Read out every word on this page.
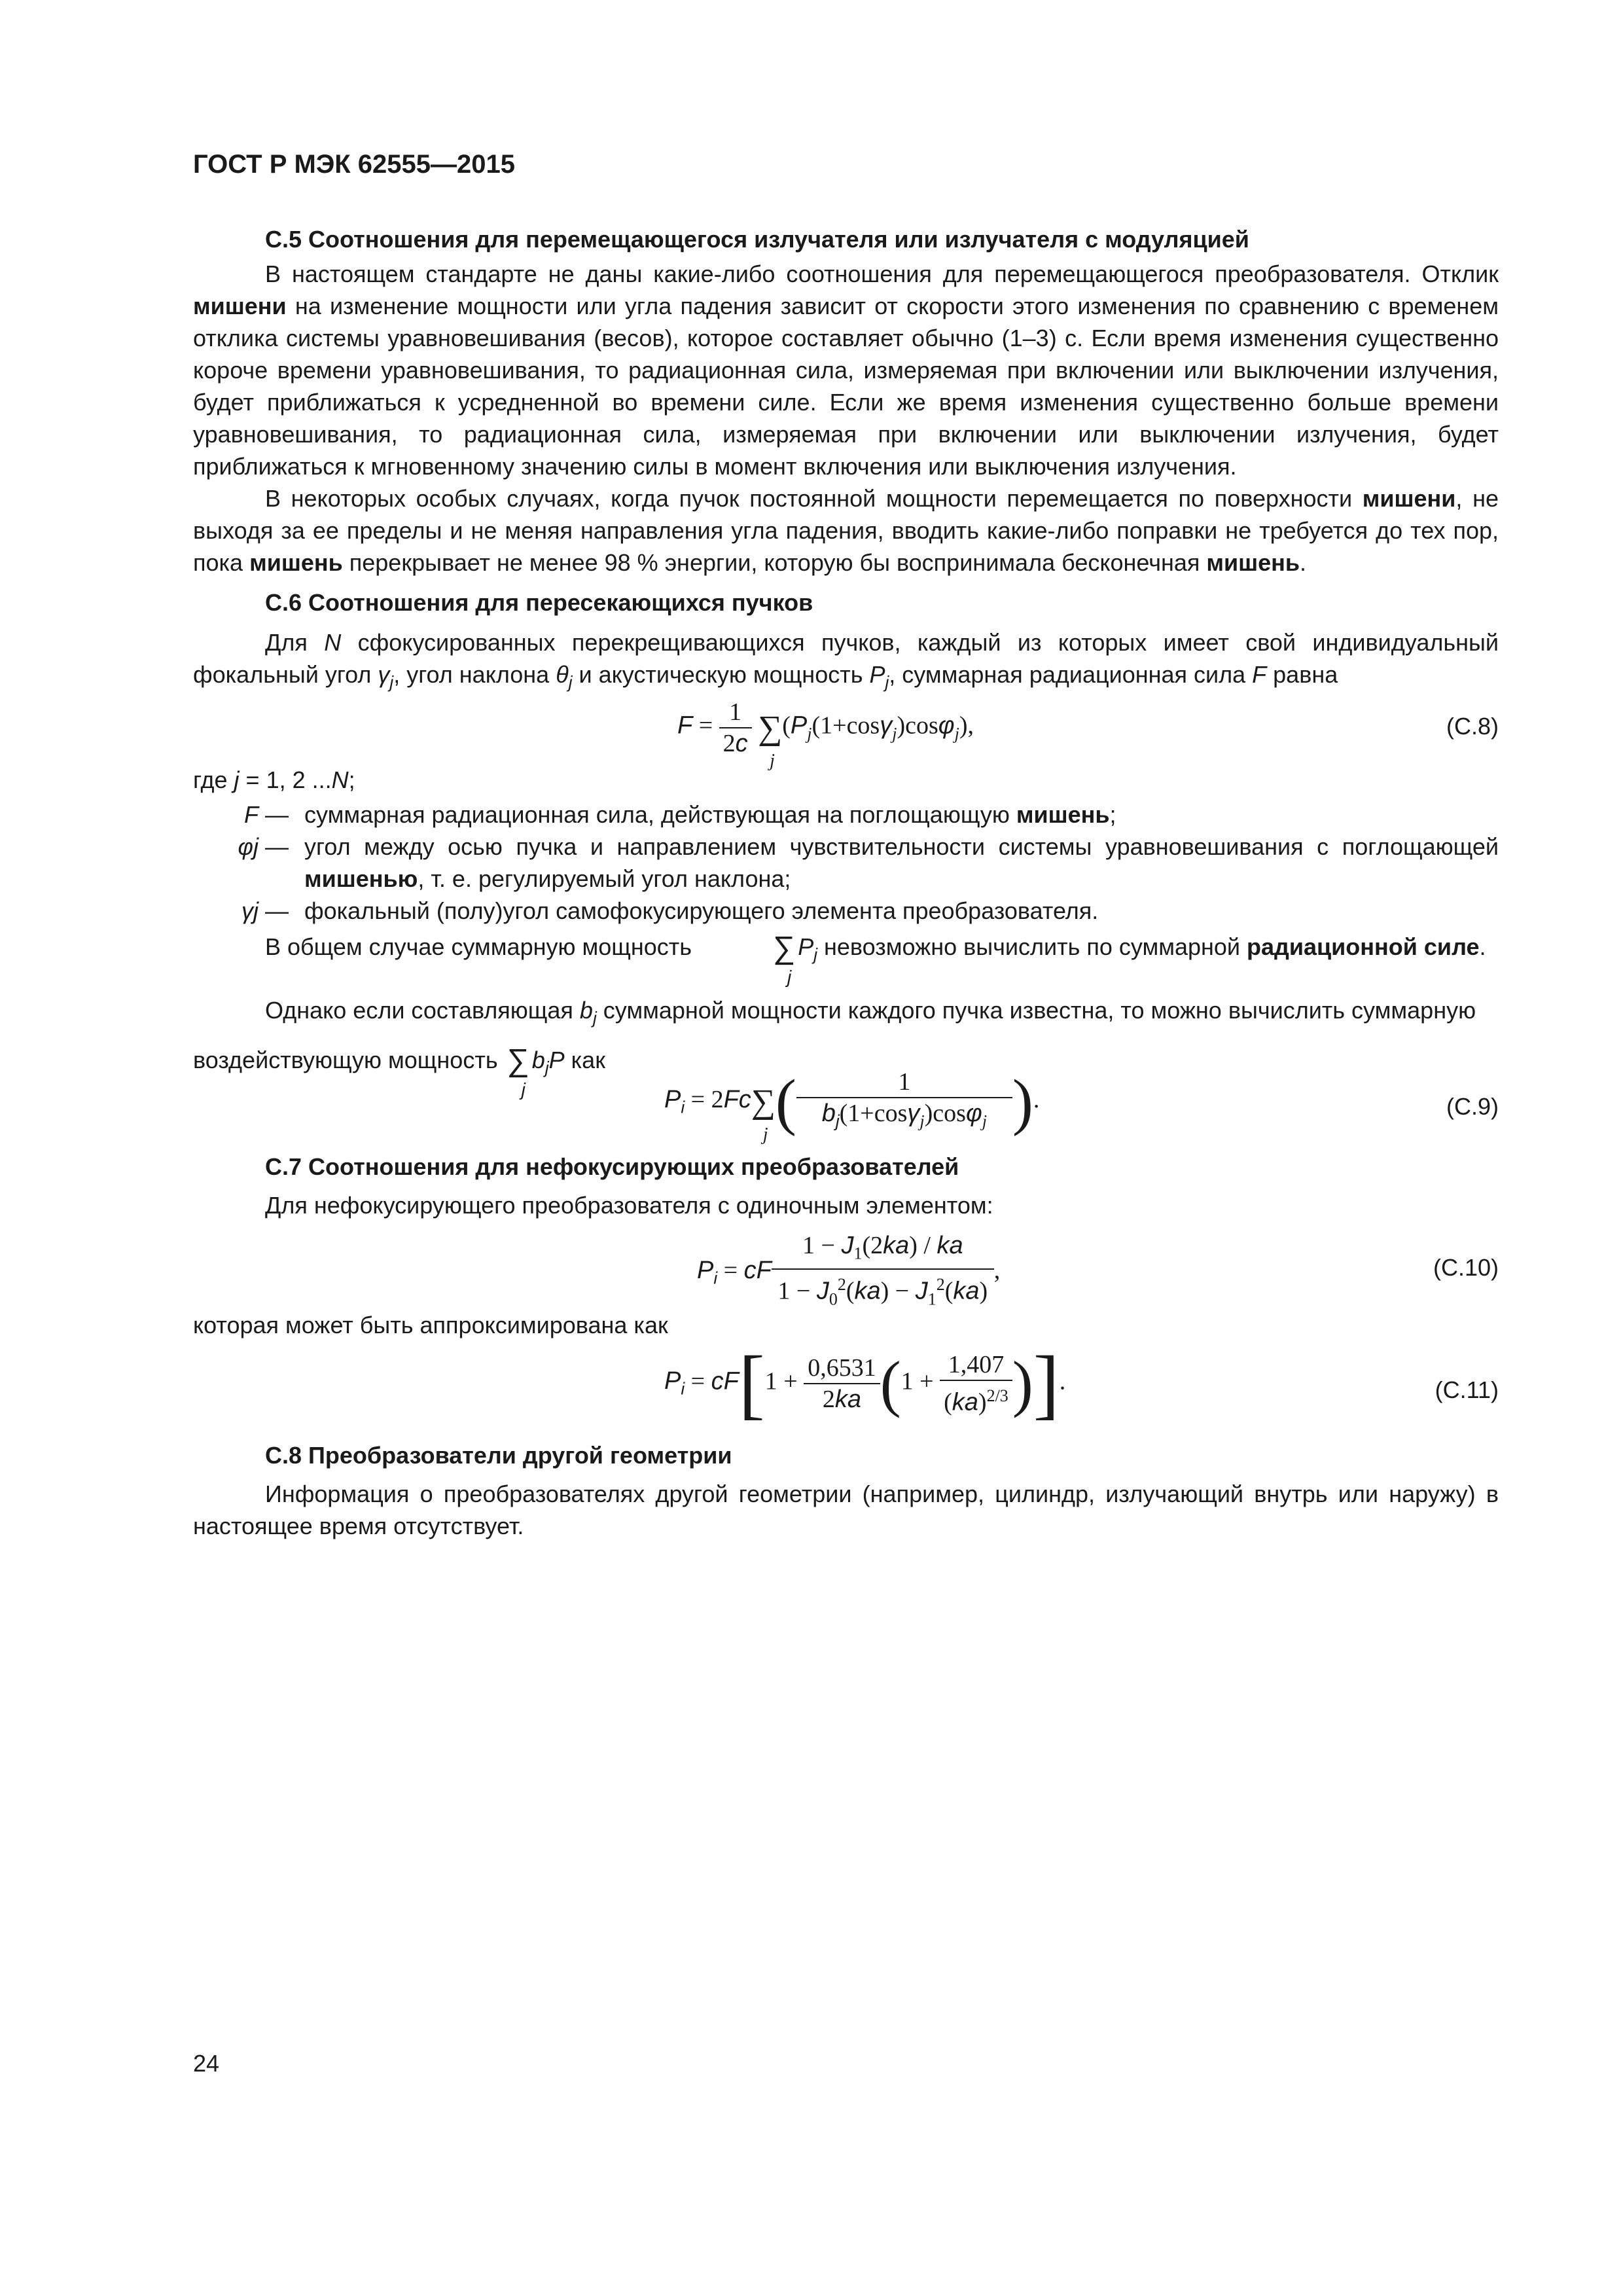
ГОСТ Р МЭК 62555—2015
С.5 Соотношения для перемещающегося излучателя или излучателя с модуляцией

В настоящем стандарте не даны какие-либо соотношения для перемещающегося преобразователя. Отклик мишени на изменение мощности или угла падения зависит от скорости этого изменения по сравнению с временем отклика системы уравновешивания (весов), которое составляет обычно (1–3) с. Если время изменения существенно короче времени уравновешивания, то радиационная сила, измеряемая при включении или выключении излучения, будет приближаться к усредненной во времени силе. Если же время изменения существенно больше времени уравновешивания, то радиационная сила, измеряемая при включении или выключении излучения, будет приближаться к мгновенному значению силы в момент включения или выключения излучения.

В некоторых особых случаях, когда пучок постоянной мощности перемещается по поверхности мишени, не выходя за ее пределы и не меняя направления угла падения, вводить какие-либо поправки не требуется до тех пор, пока мишень перекрывает не менее 98 % энергии, которую бы воспринимала бесконечная мишень.

С.6 Соотношения для пересекающихся пучков

Для N сфокусированных перекрещивающихся пучков, каждый из которых имеет свой индивидуальный фокальный угол $\gamma_j$, угол наклона $\theta_j$ и акустическую мощность $P_j$, суммарная радиационная сила F равна

$F = \frac{1}{2c}$ ∑
j
$(P_j(1+\cos\gamma_j)\cos\varphi_j)$,	(С.8)

где j = 1, 2 ...N;

F — суммарная радиационная сила, действующая на поглощающую мишень;
φj — угол между осью пучка и направлением чувствительности системы уравновешивания с поглощающей мишенью, т. е. регулируемый угол наклона;
γj — фокальный (полу)угол самофокусирующего элемента преобразователя.

В общем случае суммарную мощность ∑
j
$P_j$ невозможно вычислить по суммарной радиационной силе.

Однако если составляющая $b_j$ суммарной мощности каждого пучка известна, то можно вычислить суммарную

воздействующую мощность ∑
j
$b_jP$ как

$P_i = 2Fc\sum$
j ( $\frac{1}{b_j(1+\cos\gamma_j)\cos\varphi_j}$ ).	(С.9)
С.7 Соотношения для нефокусирующих преобразователей

Для нефокусирующего преобразователя с одиночным элементом:

$P_i$ = cF $\frac{1 - J_1(2ka) / ka}{1 - J_0^2(ka) - J_1^2(ka)}$ ,	(С.10)

которая может быть аппроксимирована как

$P_i = cF[1 + \frac{0,6531}{2ka} (1 + \frac{1,407}{(ka)^{2/3}}$ )].	(С.11)
С.8 Преобразователи другой геометрии

Информация о преобразователях другой геометрии (например, цилиндр, излучающий внутрь или наружу) в настоящее время отсутствует.

24
